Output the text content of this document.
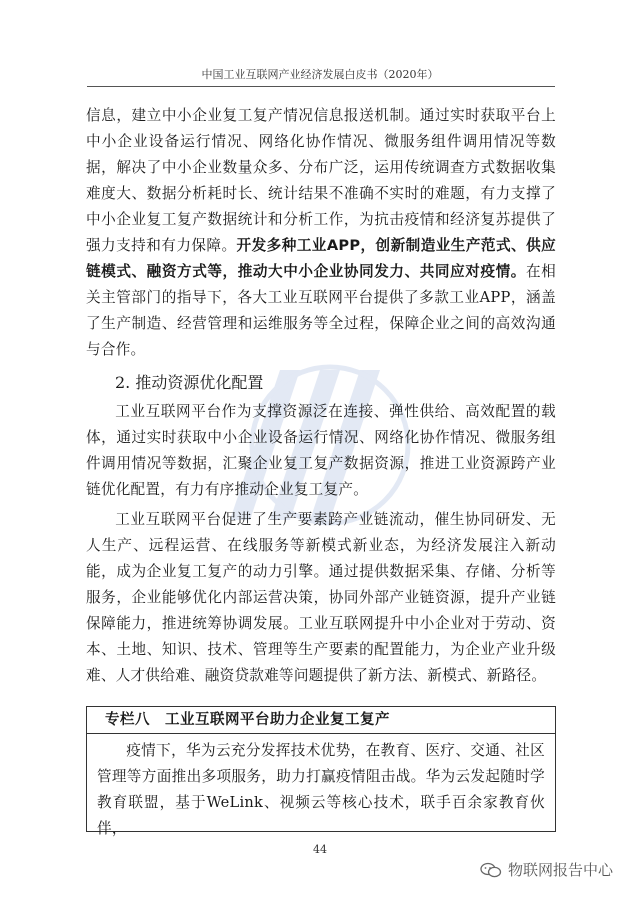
中国工业互联网产业经济发展白皮书（2020年）

信息，建立中小企业复工复产情况信息报送机制。通过实时获取平台上中小企业设备运行情况、网络化协作情况、微服务组件调用情况等数据，解决了中小企业数量众多、分布广泛，运用传统调查方式数据收集难度大、数据分析耗时长、统计结果不准确不实时的难题，有力支撑了中小企业复工复产数据统计和分析工作，为抗击疫情和经济复苏提供了强力支持和有力保障。开发多种工业APP，创新制造业生产范式、供应链模式、融资方式等，推动大中小企业协同发力、共同应对疫情。在相关主管部门的指导下，各大工业互联网平台提供了多款工业APP，涵盖了生产制造、经营管理和运维服务等全过程，保障企业之间的高效沟通与合作。

2. 推动资源优化配置

工业互联网平台作为支撑资源泛在连接、弹性供给、高效配置的载体，通过实时获取中小企业设备运行情况、网络化协作情况、微服务组件调用情况等数据，汇聚企业复工复产数据资源，推进工业资源跨产业链优化配置，有力有序推动企业复工复产。

工业互联网平台促进了生产要素跨产业链流动，催生协同研发、无人生产、远程运营、在线服务等新模式新业态，为经济发展注入新动能，成为企业复工复产的动力引擎。通过提供数据采集、存储、分析等服务，企业能够优化内部运营决策，协同外部产业链资源，提升产业链保障能力，推进统筹协调发展。工业互联网提升中小企业对于劳动、资本、土地、知识、技术、管理等生产要素的配置能力，为企业产业升级难、人才供给难、融资贷款难等问题提供了新方法、新模式、新路径。

专栏八　工业互联网平台助力企业复工复产

疫情下，华为云充分发挥技术优势，在教育、医疗、交通、社区管理等方面推出多项服务，助力打赢疫情阻击战。华为云发起随时学教育联盟，基于WeLink、视频云等核心技术，联手百余家教育伙伴，

44
物联网报告中心
